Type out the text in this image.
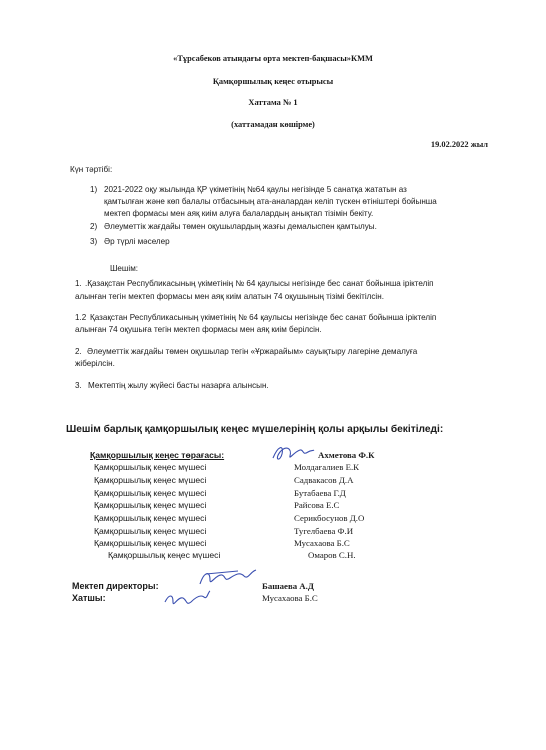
«Тұрсабеков атындағы орта мектеп-бақшасы»КММ
Қамқоршылық кеңес отырысы
Хаттама № 1
(хаттамадан көшірме)
19.02.2022 жыл
Күн тәртібі:
1) 2021-2022 оқу жылында ҚР үкіметінің №64 қаулы негізінде 5 санатқа жататын аз
қамтылған және көп балалы отбасының ата-аналардан келіп түскен өтініштері бойынша
мектеп формасы мен аяқ киім алуға балалардың анықтап тізімін бекіту.
2) Әлеуметтік жағдайы төмен оқушылардың жазғы демалыспен қамтылуы.
3) Әр түрлі мәселер
Шешім:
1. .Қазақстан Республикасының үкіметінің № 64 қаулысы негізінде бес санат бойынша іріктеліп
алынған тегін мектеп формасы мен аяқ киім алатын 74 оқушының тізімі бекітілсін.
1.2 Қазақстан Республикасының үкіметінің № 64 қаулысы негізінде бес санат бойынша іріктеліп
алынған 74 оқушыға тегін мектеп формасы мен аяқ киім берілсін.
2. Әлеуметтік жағдайы төмен оқушылар тегін «Ұржарайым» сауықтыру лагеріне демалуға
жіберілсін.
3. Мектептің жылу жүйесі басты назарға алынсын.
Шешім барлық қамқоршылық кеңес мүшелерінің қолы арқылы бекітіледі:
Қамқоршылық кеңес төрағасы:	Ахметова Ф.К
Қамқоршылық кеңес мүшесі	Молдағалиев Е.К
Қамқоршылық кеңес мүшесі	Садвакасов Д.А
Қамқоршылық кеңес мүшесі	Бутабаева Г.Д
Қамқоршылық кеңес мүшесі	Райсова Е.С
Қамқоршылық кеңес мүшесі	Серикбосунов Д.О
Қамқоршылық кеңес мүшесі	Тугелбаева Ф.И
Қамқоршылық кеңес мүшесі	Мусахаова Б.С
Қамқоршылық кеңес мүшесі	Омаров С.Н.
Мектеп директоры:	Башаева А.Д
Хатшы:	Мусахаова Б.С
